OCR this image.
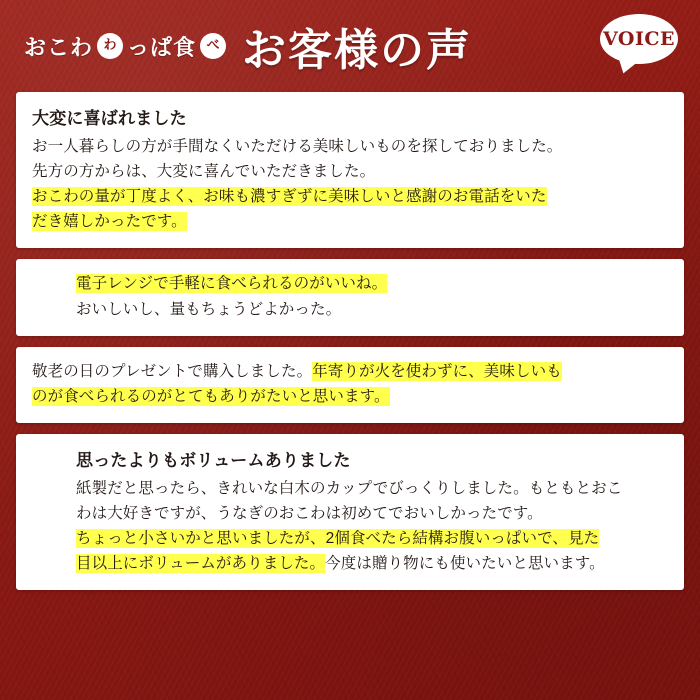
おこわ わ っぱ食 べ お客様の声	VOICE
大変に喜ばれました

お一人暮らしの方が手間なくいただける美味しいものを探しておりました。

先方の方からは、大変に喜んでいただきました。

おこわの量が丁度よく、お味も濃すぎずに美味しいと感謝のお電話をいた

だき嬉しかったです。

電子レンジで手軽に食べられるのがいいね。

おいしいし、量もちょうどよかった。

敬老の日のプレゼントで購入しました。年寄りが火を使わずに、美味しいも

のが食べられるのがとてもありがたいと思います。

思ったよりもボリュームありました

紙製だと思ったら、きれいな白木のカップでびっくりしました。もともとおこ

わは大好きですが、うなぎのおこわは初めてでおいしかったです。

ちょっと小さいかと思いましたが、2個食べたら結構お腹いっぱいで、見た

目以上にボリュームがありました。今度は贈り物にも使いたいと思います。
